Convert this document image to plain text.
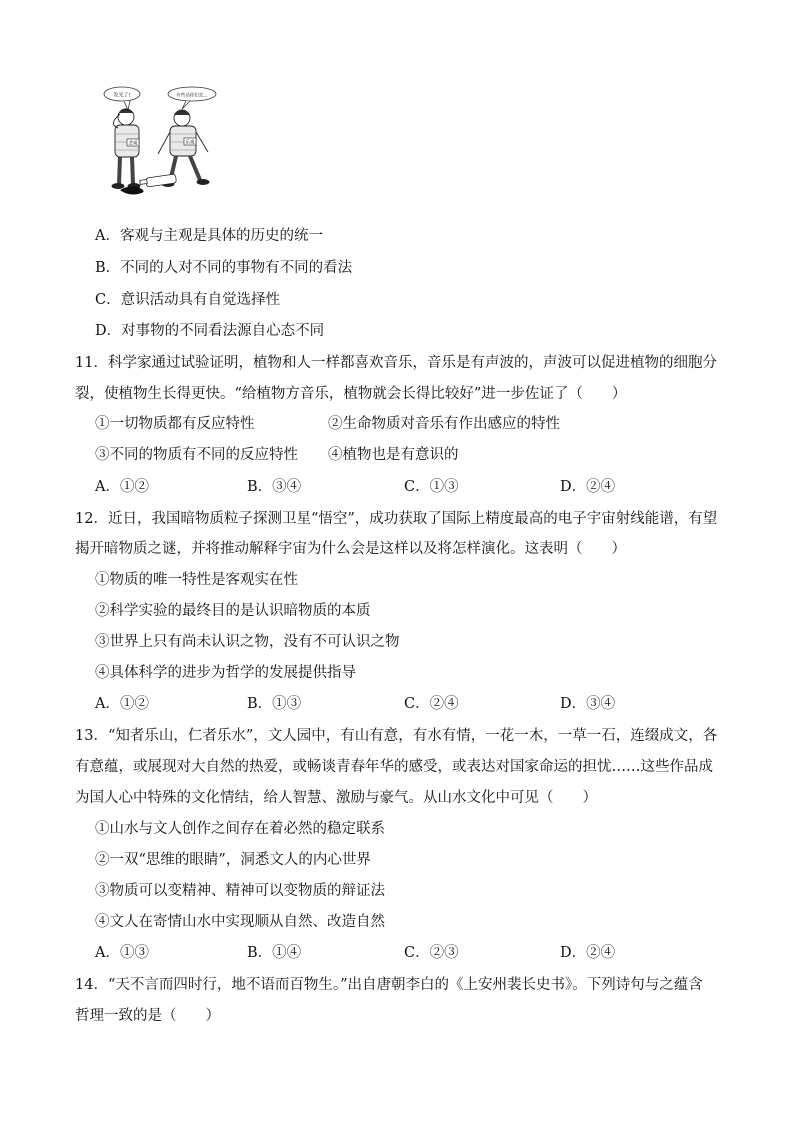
发光了!	有些话你们先...
悲观	乐观
A．客观与主观是具体的历史的统一
B．不同的人对不同的事物有不同的看法
C．意识活动具有自觉选择性
D．对事物的不同看法源自心态不同
11．科学家通过试验证明，植物和人一样都喜欢音乐，音乐是有声波的，声波可以促进植物的细胞分
裂，使植物生长得更快。“给植物方音乐，植物就会长得比较好”进一步佐证了（　　）
①一切物质都有反应特性	②生命物质对音乐有作出感应的特性
③不同的物质有不同的反应特性 ④植物也是有意识的
A．①②	B．③④	C．①③	D．②④
12．近日，我国暗物质粒子探测卫星“悟空”，成功获取了国际上精度最高的电子宇宙射线能谱，有望
揭开暗物质之谜，并将推动解释宇宙为什么会是这样以及将怎样演化。这表明（　　）
①物质的唯一特性是客观实在性
②科学实验的最终目的是认识暗物质的本质
③世界上只有尚未认识之物，没有不可认识之物
④具体科学的进步为哲学的发展提供指导
A．①②	B．①③	C．②④	D．③④
13．“知者乐山，仁者乐水”，文人园中，有山有意，有水有情，一花一木，一草一石，连缀成文，各
有意蕴，或展现对大自然的热爱，或畅谈青春年华的感受，或表达对国家命运的担忧……这些作品成
为国人心中特殊的文化情结，给人智慧、激励与豪气。从山水文化中可见（　　）
①山水与文人创作之间存在着必然的稳定联系
②一双“思维的眼睛”，洞悉文人的内心世界
③物质可以变精神、精神可以变物质的辩证法
④文人在寄情山水中实现顺从自然、改造自然
A．①③	B．①④	C．②③	D．②④
14．“天不言而四时行，地不语而百物生。”出自唐朝李白的《上安州裴长史书》。下列诗句与之蕴含
哲理一致的是（　　）
